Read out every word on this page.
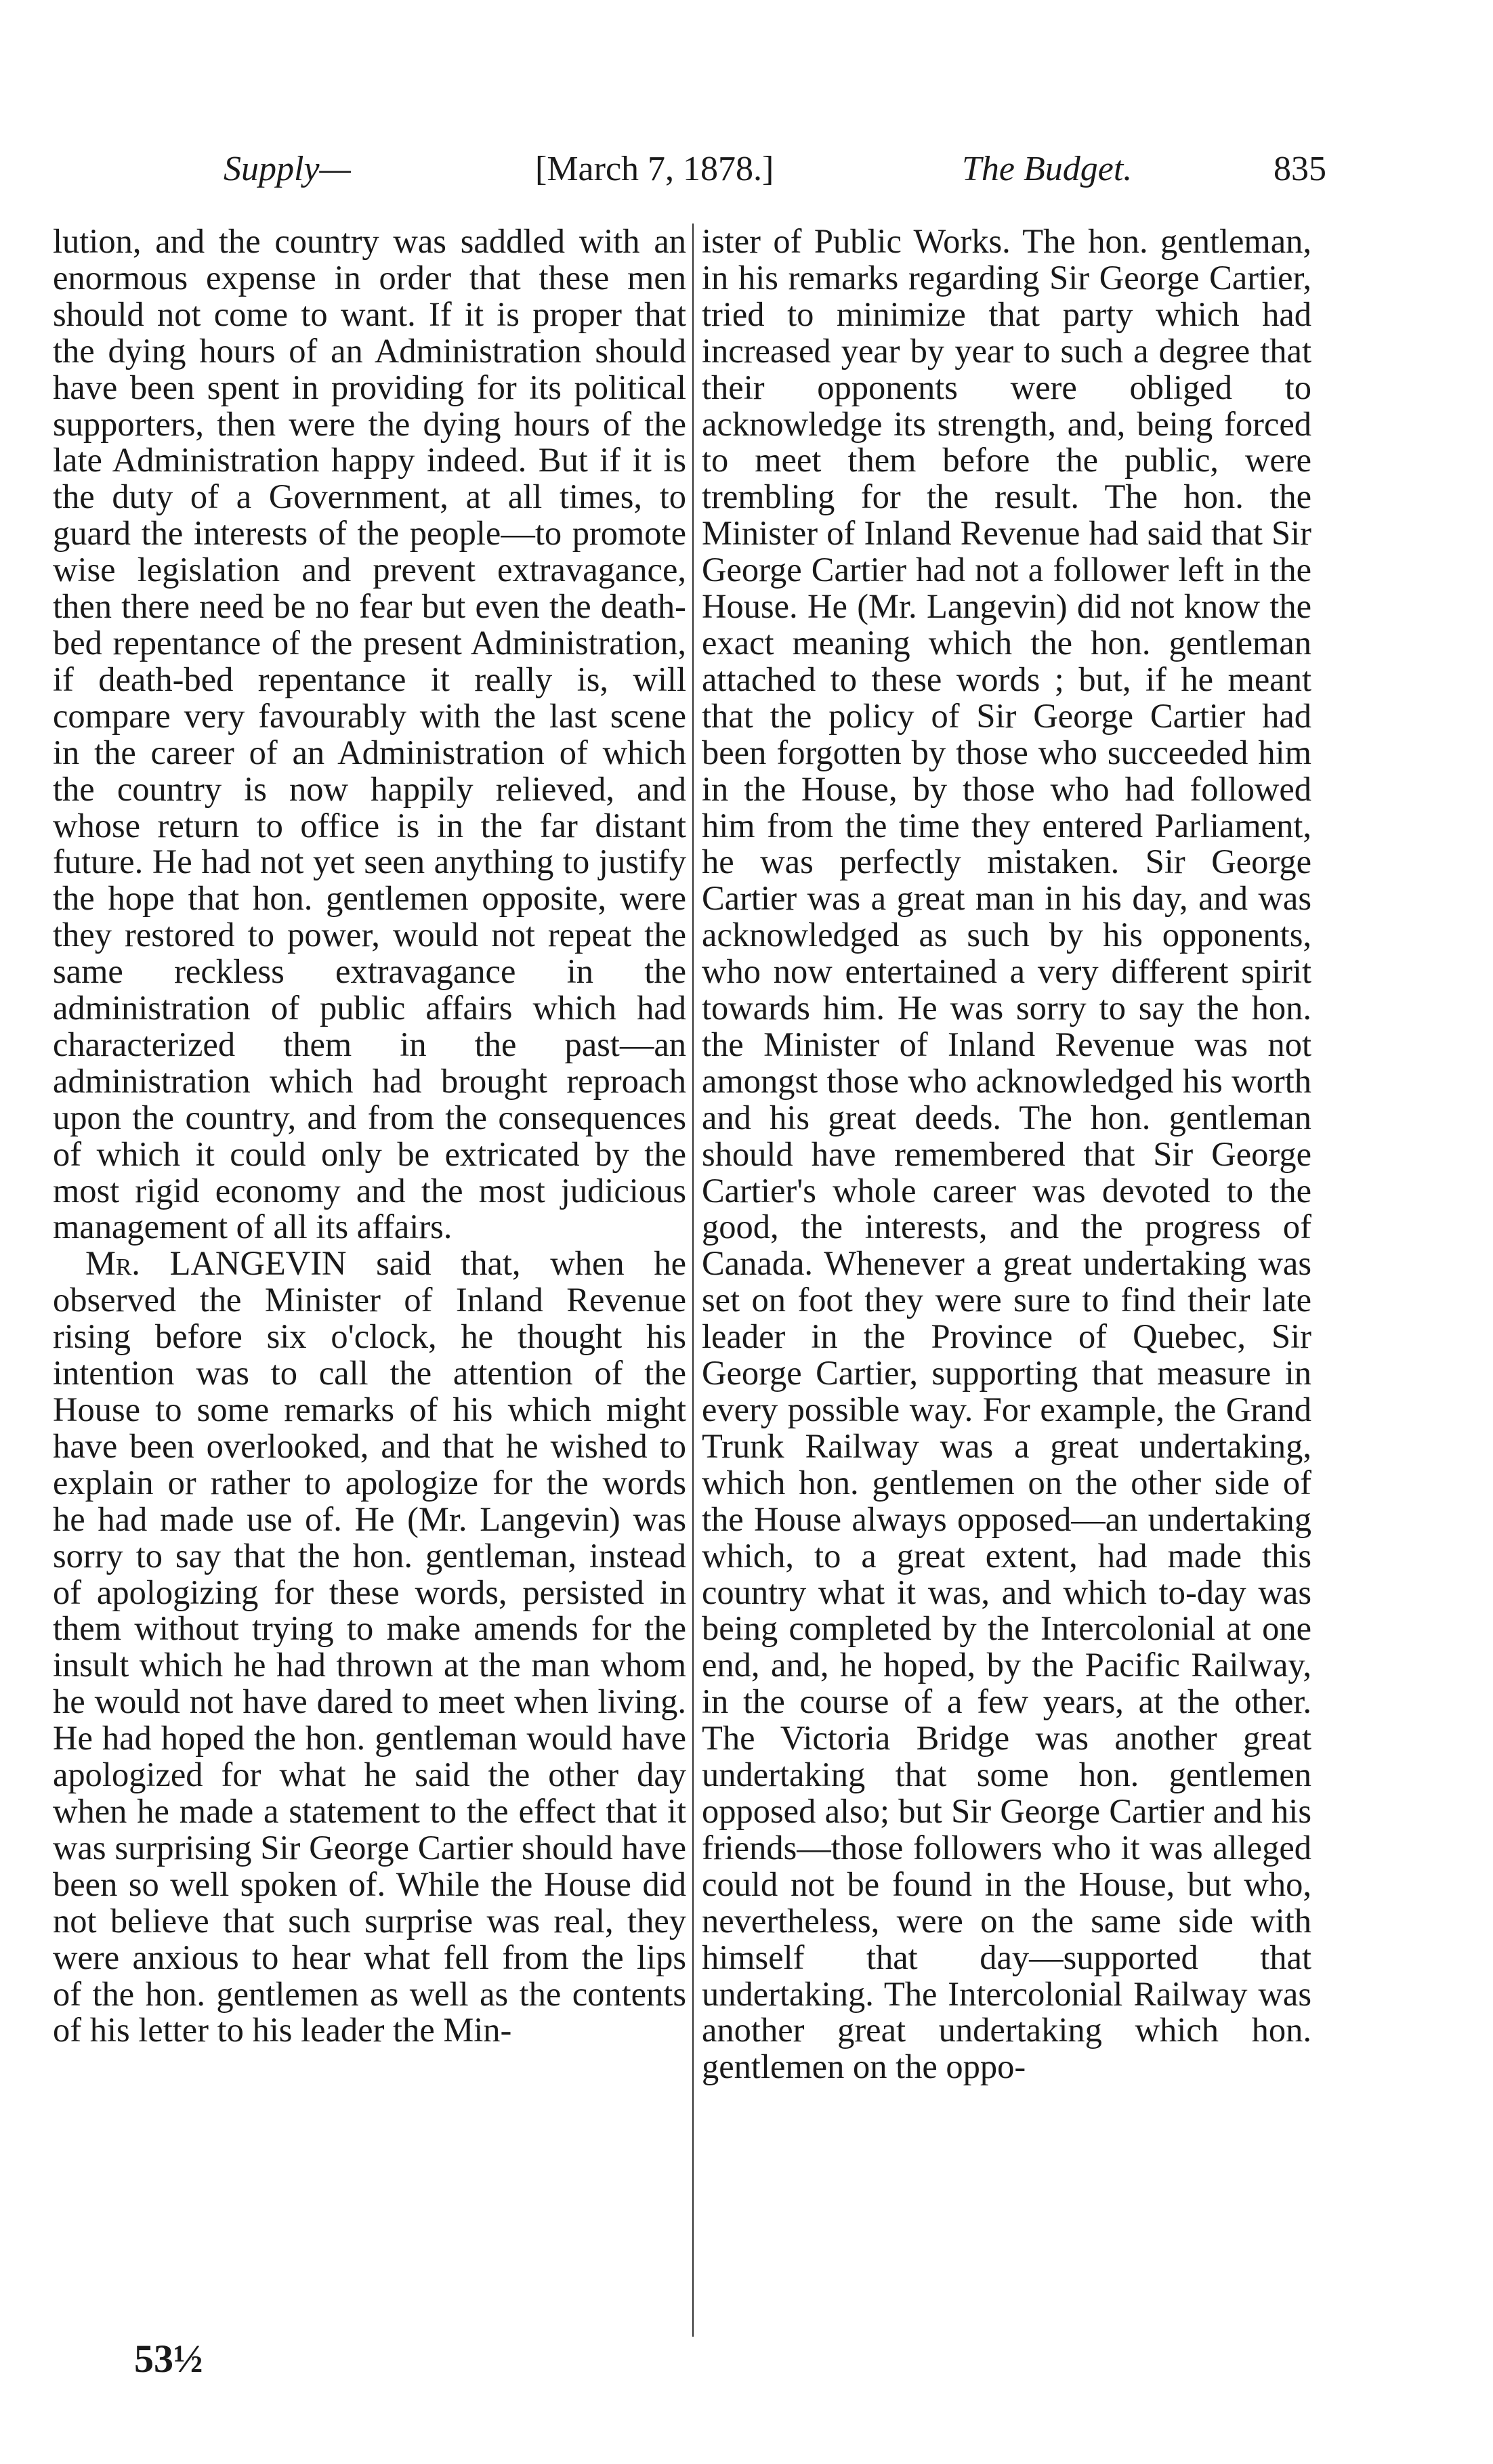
Supply—	[March 7, 1878.]	The Budget.	835

lution, and the country was saddled with an enormous expense in order that these men should not come to want. If it is proper that the dying hours of an Administration should have been spent in providing for its political supporters, then were the dying hours of the late Administration happy indeed. But if it is the duty of a Government, at all times, to guard the interests of the people—to promote wise legislation and prevent extravagance, then there need be no fear but even the death-bed repentance of the present Administration, if death-bed repentance it really is, will compare very favourably with the last scene in the career of an Administration of which the country is now happily relieved, and whose return to office is in the far distant future. He had not yet seen anything to justify the hope that hon. gentlemen opposite, were they restored to power, would not repeat the same reckless extravagance in the administration of public affairs which had characterized them in the past—an administration which had brought reproach upon the country, and from the consequences of which it could only be extricated by the most rigid economy and the most judicious management of all its affairs.

Mr. LANGEVIN said that, when he observed the Minister of Inland Revenue rising before six o'clock, he thought his intention was to call the attention of the House to some remarks of his which might have been overlooked, and that he wished to explain or rather to apologize for the words he had made use of. He (Mr. Langevin) was sorry to say that the hon. gentleman, instead of apologizing for these words, persisted in them without trying to make amends for the insult which he had thrown at the man whom he would not have dared to meet when living. He had hoped the hon. gentleman would have apologized for what he said the other day when he made a statement to the effect that it was surprising Sir George Cartier should have been so well spoken of. While the House did not believe that such surprise was real, they were anxious to hear what fell from the lips of the hon. gentlemen as well as the contents of his letter to his leader the Min-

ister of Public Works. The hon. gentleman, in his remarks regarding Sir George Cartier, tried to minimize that party which had increased year by year to such a degree that their opponents were obliged to acknowledge its strength, and, being forced to meet them before the public, were trembling for the result. The hon. the Minister of Inland Revenue had said that Sir George Cartier had not a follower left in the House. He (Mr. Langevin) did not know the exact meaning which the hon. gentleman attached to these words ; but, if he meant that the policy of Sir George Cartier had been forgotten by those who succeeded him in the House, by those who had followed him from the time they entered Parliament, he was perfectly mistaken. Sir George Cartier was a great man in his day, and was acknowledged as such by his opponents, who now entertained a very different spirit towards him. He was sorry to say the hon. the Minister of Inland Revenue was not amongst those who acknowledged his worth and his great deeds. The hon. gentleman should have remembered that Sir George Cartier's whole career was devoted to the good, the interests, and the progress of Canada. Whenever a great undertaking was set on foot they were sure to find their late leader in the Province of Quebec, Sir George Cartier, supporting that measure in every possible way. For example, the Grand Trunk Railway was a great undertaking, which hon. gentlemen on the other side of the House always opposed—an undertaking which, to a great extent, had made this country what it was, and which to-day was being completed by the Intercolonial at one end, and, he hoped, by the Pacific Railway, in the course of a few years, at the other. The Victoria Bridge was another great undertaking that some hon. gentlemen opposed also; but Sir George Cartier and his friends—those followers who it was alleged could not be found in the House, but who, nevertheless, were on the same side with himself that day—supported that undertaking. The Intercolonial Railway was another great undertaking which hon. gentlemen on the oppo-

53½
